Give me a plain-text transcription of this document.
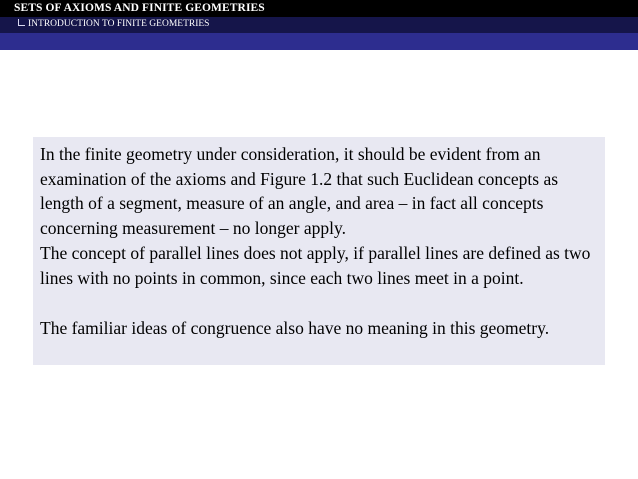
SETS OF AXIOMS AND FINITE GEOMETRIES
INTRODUCTION TO FINITE GEOMETRIES

In the finite geometry under consideration, it should be evident from an examination of the axioms and Figure 1.2 that such Euclidean concepts as length of a segment, measure of an angle, and area – in fact all concepts concerning measurement – no longer apply.

The concept of parallel lines does not apply, if parallel lines are defined as two lines with no points in common, since each two lines meet in a point.

The familiar ideas of congruence also have no meaning in this geometry.
